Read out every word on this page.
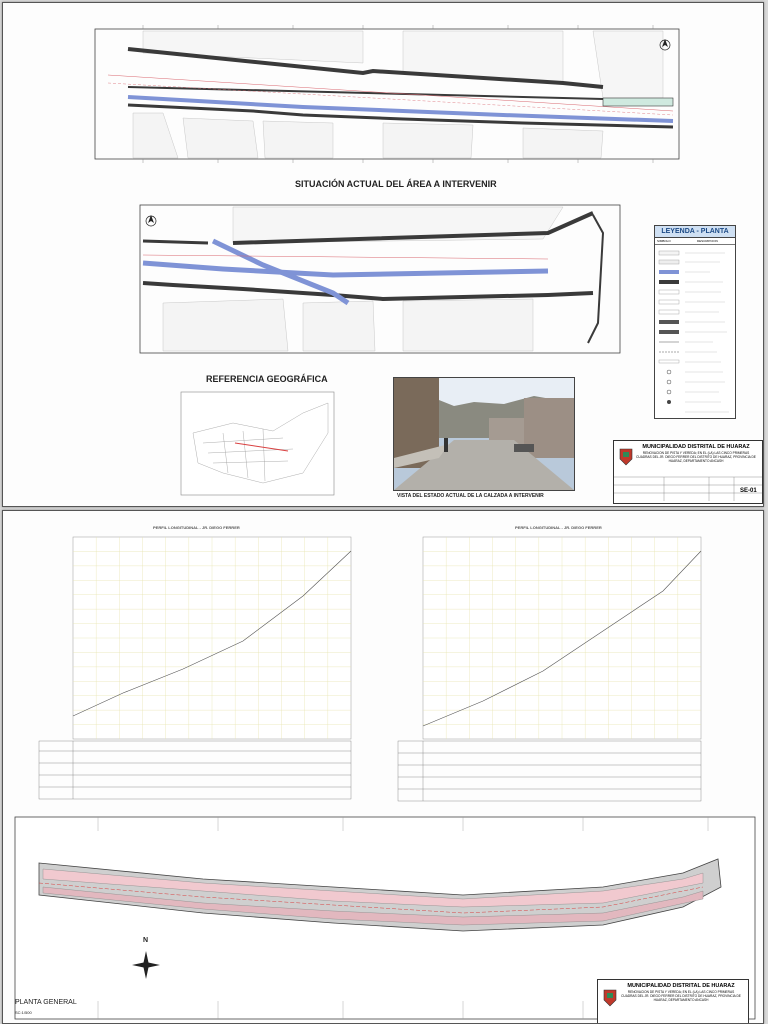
SITUACIÓN ACTUAL DEL ÁREA A INTERVENIR
REFERENCIA GEOGRÁFICA
VISTA DEL ESTADO ACTUAL DE LA CALZADA A INTERVENIR
LEYENDA - PLANTA
SIMBOLO	DESCRIPCION
MUNICIPALIDAD DISTRITAL DE HUARAZ
RENOVACION DE PISTA Y VEREDA; EN EL (LA) LAS CINCO PRIMERAS CUADRAS DEL JR. DIEGO FERRER DEL DISTRITO DE HUARAZ, PROVINCIA DE HUARAZ, DEPARTAMENTO ANCASH
SE-01
PERFIL LONGITUDINAL - JR. DIEGO FERRER	PERFIL LONGITUDINAL - JR. DIEGO FERRER
N
PLANTA GENERAL
SC:1/500
MUNICIPALIDAD DISTRITAL DE HUARAZ
RENOVACION DE PISTA Y VEREDA; EN EL (LA) LAS CINCO PRIMERAS CUADRAS DEL JR. DIEGO FERRER DEL DISTRITO DE HUARAZ, PROVINCIA DE HUARAZ, DEPARTAMENTO ANCASH
